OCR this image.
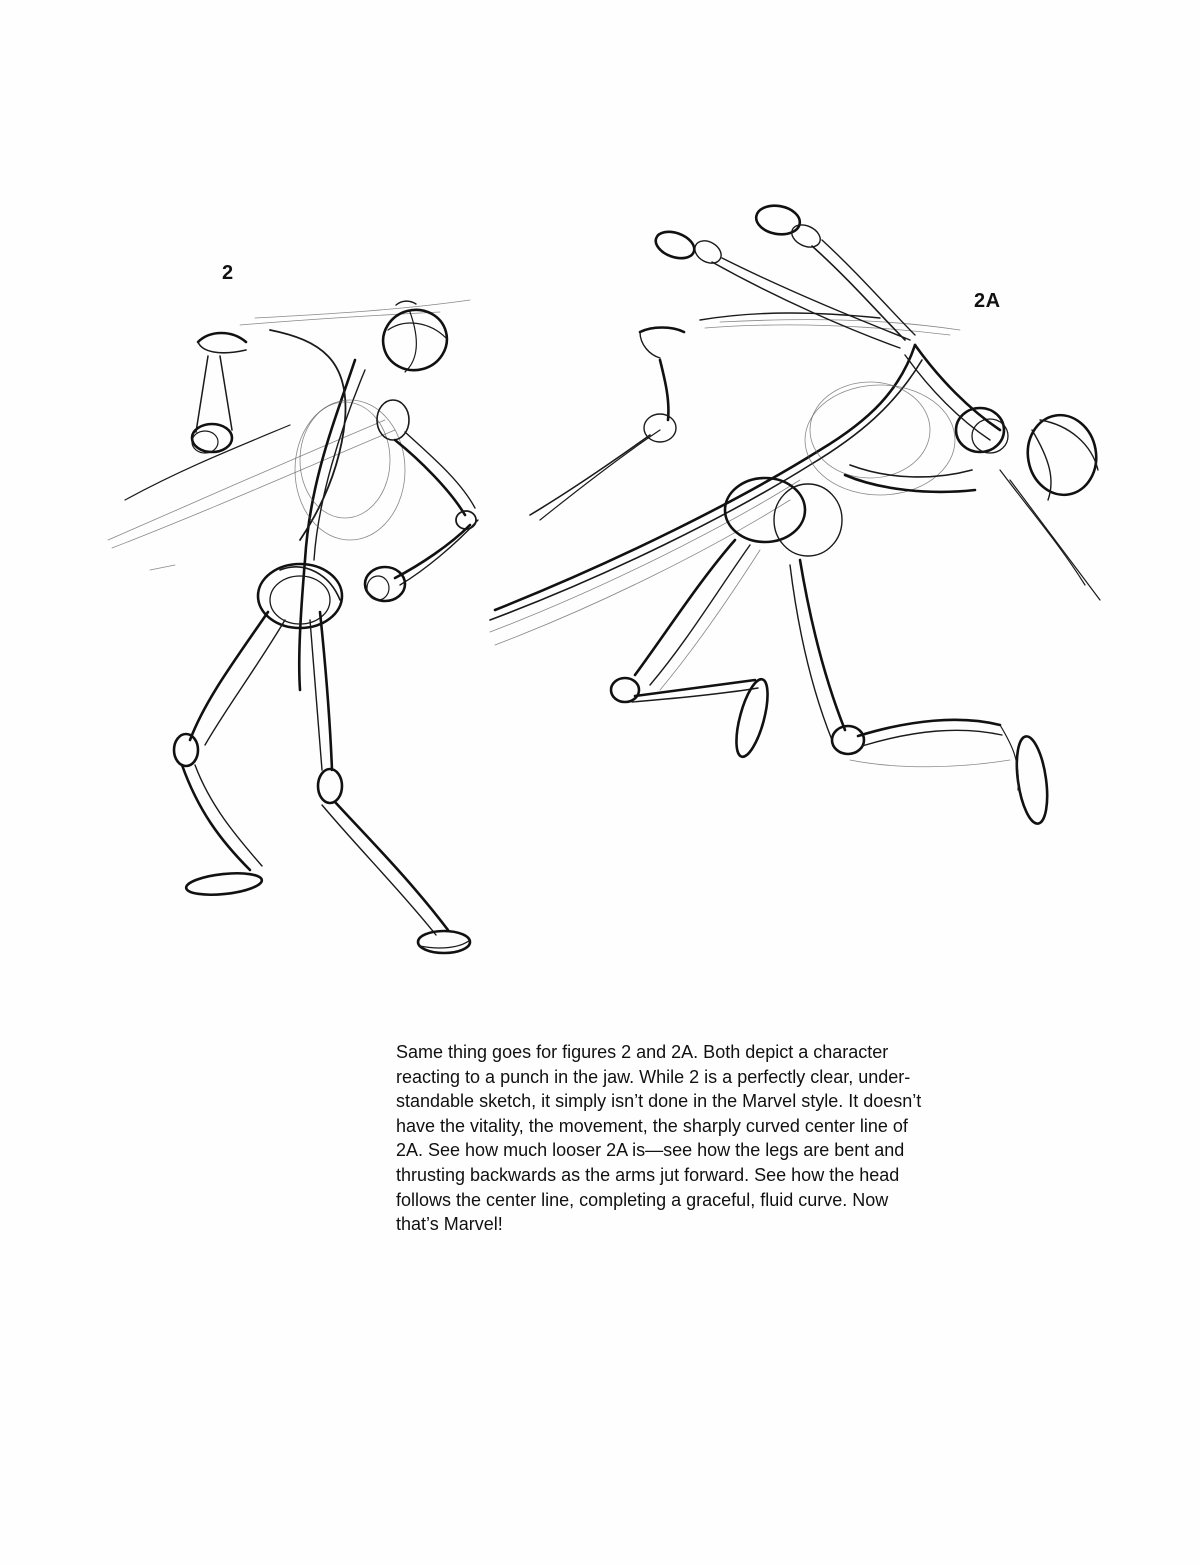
2
2A

Same thing goes for figures 2 and 2A. Both depict a character
reacting to a punch in the jaw. While 2 is a perfectly clear, under-
standable sketch, it simply isn’t done in the Marvel style. It doesn’t
have the vitality, the movement, the sharply curved center line of
2A. See how much looser 2A is—see how the legs are bent and
thrusting backwards as the arms jut forward. See how the head
follows the center line, completing a graceful, fluid curve. Now
that’s Marvel!
